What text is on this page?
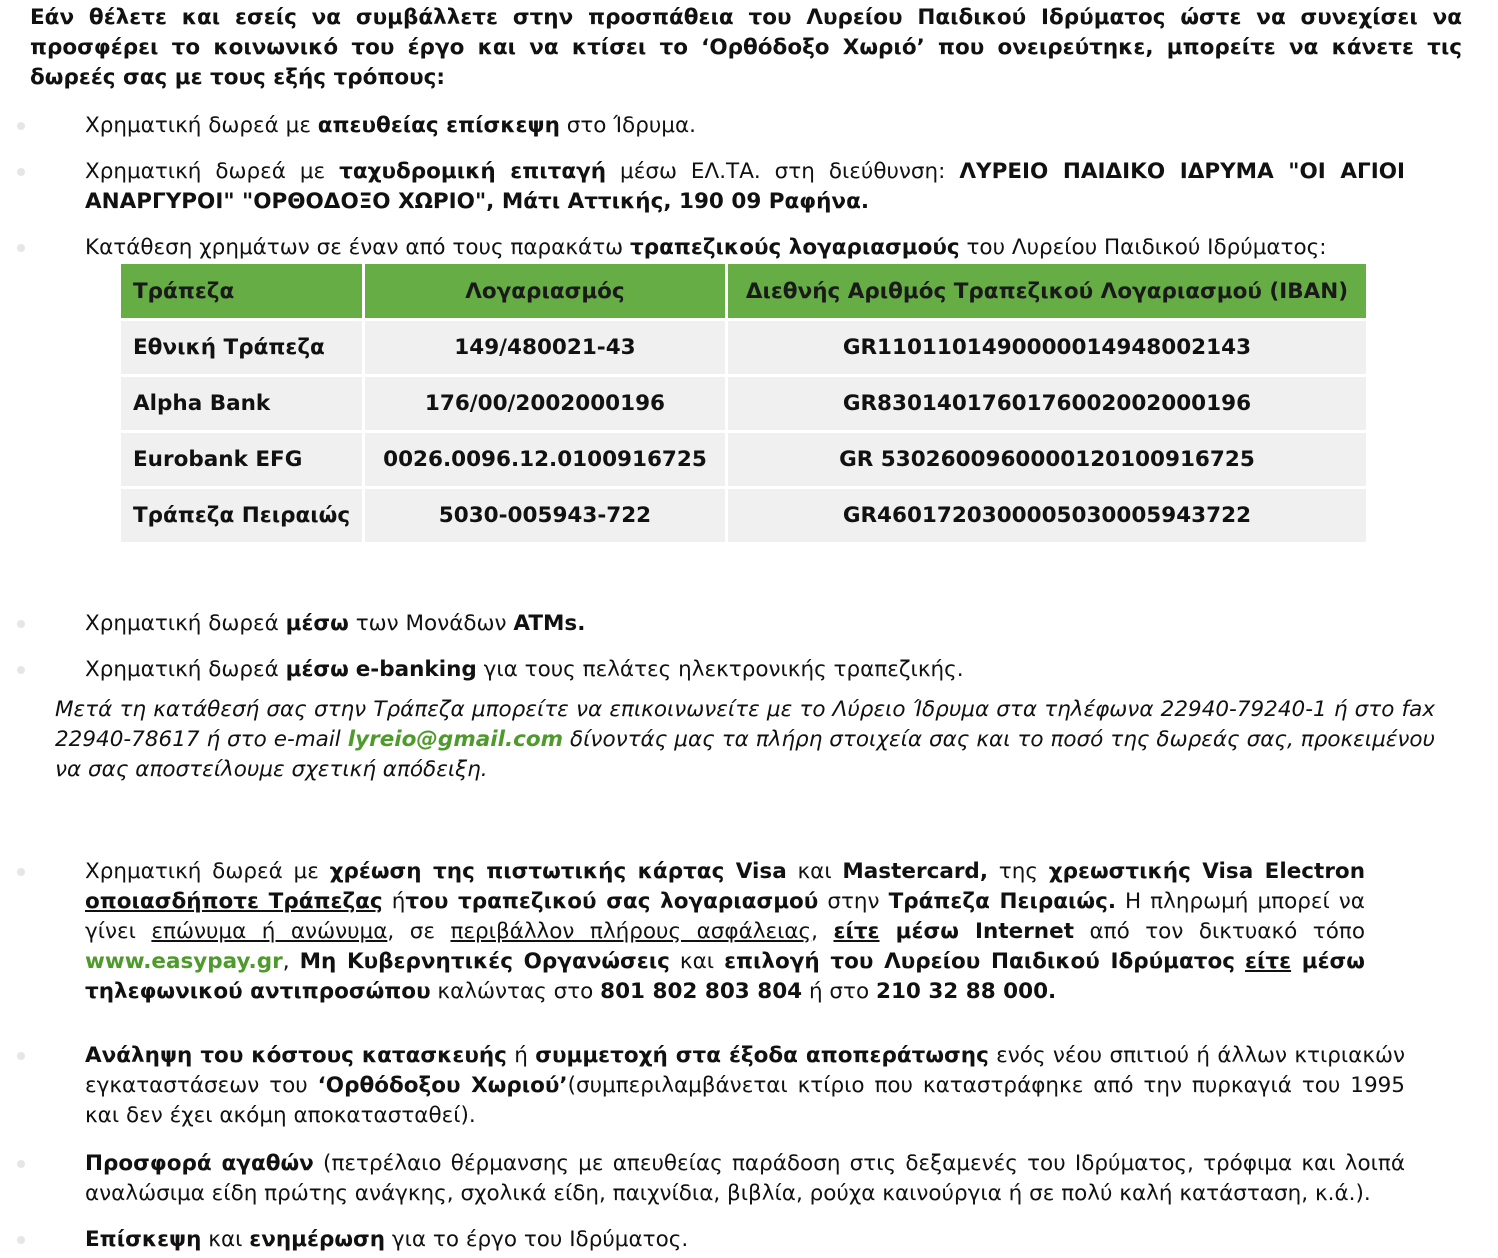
Εάν θέλετε και εσείς να συμβάλλετε στην προσπάθεια του Λυρείου Παιδικού Ιδρύματος ώστε να συνεχίσει να προσφέρει το κοινωνικό του έργο και να κτίσει το ‘Ορθόδοξο Χωριό’ που ονειρεύτηκε, μπορείτε να κάνετε τις δωρεές σας με τους εξής τρόπους:
Χρηματική δωρεά με απευθείας επίσκεψη στο Ίδρυμα.
Χρηματική δωρεά με ταχυδρομική επιταγή μέσω ΕΛ.ΤΑ. στη διεύθυνση: ΛΥΡΕΙΟ ΠΑΙΔΙΚΟ ΙΔΡΥΜΑ "ΟΙ ΑΓΙΟΙ ΑΝΑΡΓΥΡΟΙ" "ΟΡΘΟΔΟΞΟ ΧΩΡΙΟ", Μάτι Αττικής, 190 09 Ραφήνα.
Κατάθεση χρημάτων σε έναν από τους παρακάτω τραπεζικούς λογαριασμούς του Λυρείου Παιδικού Ιδρύματος:
Τράπεζα	Λογαριασμός	Διεθνής Αριθμός Τραπεζικού Λογαριασμού (IBAN)
Εθνική Τράπεζα	149/480021-43	GR1101101490000014948002143
Alpha Bank	176/00/2002000196	GR8301401760176002002000196
Eurobank EFG	0026.0096.12.0100916725	GR 5302600960000120100916725
Τράπεζα Πειραιώς	5030-005943-722	GR4601720300005030005943722
Χρηματική δωρεά μέσω των Μονάδων ATMs.
Χρηματική δωρεά μέσω e-banking για τους πελάτες ηλεκτρονικής τραπεζικής.
Μετά τη κατάθεσή σας στην Τράπεζα μπορείτε να επικοινωνείτε με το Λύρειο Ίδρυμα στα τηλέφωνα 22940-79240-1 ή στο fax 22940-78617 ή στο e-mail lyreio@gmail.com δίνοντάς μας τα πλήρη στοιχεία σας και το ποσό της δωρεάς σας, προκειμένου να σας αποστείλουμε σχετική απόδειξη.
Χρηματική δωρεά με χρέωση της πιστωτικής κάρτας Visa και Mastercard, της χρεωστικής Visa Electron οποιασδήποτε Τράπεζας ήτου τραπεζικού σας λογαριασμού στην Τράπεζα Πειραιώς. Η πληρωμή μπορεί να γίνει επώνυμα ή ανώνυμα, σε περιβάλλον πλήρους ασφάλειας, είτε μέσω Internet από τον δικτυακό τόπο www.easypay.gr, Μη Κυβερνητικές Οργανώσεις και επιλογή του Λυρείου Παιδικού Ιδρύματος είτε μέσω τηλεφωνικού αντιπροσώπου καλώντας στο 801 802 803 804 ή στο 210 32 88 000.
Ανάληψη του κόστους κατασκευής ή συμμετοχή στα έξοδα αποπεράτωσης ενός νέου σπιτιού ή άλλων κτιριακών εγκαταστάσεων του ‘Ορθόδοξου Χωριού’(συμπεριλαμβάνεται κτίριο που καταστράφηκε από την πυρκαγιά του 1995 και δεν έχει ακόμη αποκατασταθεί).
Προσφορά αγαθών (πετρέλαιο θέρμανσης με απευθείας παράδοση στις δεξαμενές του Ιδρύματος, τρόφιμα και λοιπά αναλώσιμα είδη πρώτης ανάγκης, σχολικά είδη, παιχνίδια, βιβλία, ρούχα καινούργια ή σε πολύ καλή κατάσταση, κ.ά.).
Επίσκεψη και ενημέρωση για το έργο του Ιδρύματος.
